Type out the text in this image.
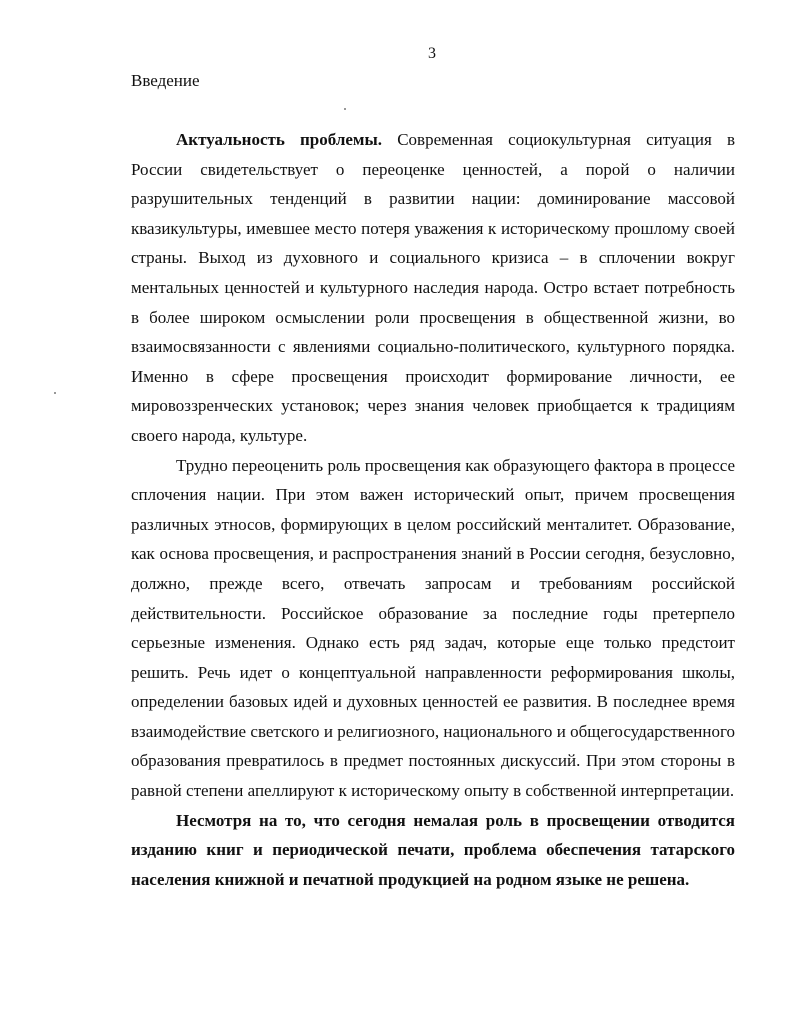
3
Введение

Актуальность проблемы. Современная социокультурная ситуация в России свидетельствует о переоценке ценностей, а порой о наличии разрушительных тенденций в развитии нации: доминирование массовой квазикультуры, имевшее место потеря уважения к историческому прошлому своей страны. Выход из духовного и социального кризиса – в сплочении вокруг ментальных ценностей и культурного наследия народа. Остро встает потребность в более широком осмыслении роли просвещения в общественной жизни, во взаимосвязанности с явлениями социально-политического, культурного порядка. Именно в сфере просвещения происходит формирование личности, ее мировоззренческих установок; через знания человек приобщается к традициям своего народа, культуре.

Трудно переоценить роль просвещения как образующего фактора в процессе сплочения нации. При этом важен исторический опыт, причем просвещения различных этносов, формирующих в целом российский менталитет. Образование, как основа просвещения, и распространения знаний в России сегодня, безусловно, должно, прежде всего, отвечать запросам и требованиям российской действительности. Российское образование за последние годы претерпело серьезные изменения. Однако есть ряд задач, которые еще только предстоит решить. Речь идет о концептуальной направленности реформирования школы, определении базовых идей и духовных ценностей ее развития. В последнее время взаимодействие светского и религиозного, национального и общегосударственного образования превратилось в предмет постоянных дискуссий. При этом стороны в равной степени апеллируют к историческому опыту в собственной интерпретации.

Несмотря на то, что сегодня немалая роль в просвещении отводится изданию книг и периодической печати, проблема обеспечения татарского населения книжной и печатной продукцией на родном языке не решена.
